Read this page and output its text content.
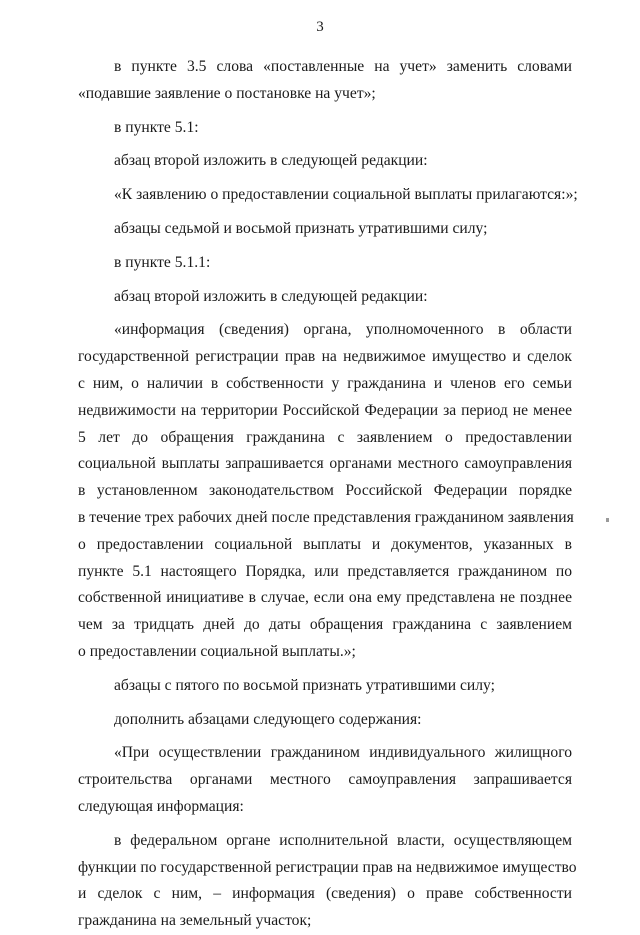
3
в пункте 3.5 слова «поставленные на учет» заменить словами
«подавшие заявление о постановке на учет»;
в пункте 5.1:
абзац второй изложить в следующей редакции:
«К заявлению о предоставлении социальной выплаты прилагаются:»;
абзацы седьмой и восьмой признать утратившими силу;
в пункте 5.1.1:
абзац второй изложить в следующей редакции:
«информация (сведения) органа, уполномоченного в области
государственной регистрации прав на недвижимое имущество и сделок
с ним, о наличии в собственности у гражданина и членов его семьи
недвижимости на территории Российской Федерации за период не менее
5 лет до обращения гражданина с заявлением о предоставлении
социальной выплаты запрашивается органами местного самоуправления
в установленном законодательством Российской Федерации порядке
в течение трех рабочих дней после представления гражданином заявления
о предоставлении социальной выплаты и документов, указанных в
пункте 5.1 настоящего Порядка, или представляется гражданином по
собственной инициативе в случае, если она ему представлена не позднее
чем за тридцать дней до даты обращения гражданина с заявлением
о предоставлении социальной выплаты.»;
абзацы с пятого по восьмой признать утратившими силу;
дополнить абзацами следующего содержания:
«При осуществлении гражданином индивидуального жилищного
строительства органами местного самоуправления запрашивается
следующая информация:
в федеральном органе исполнительной власти, осуществляющем
функции по государственной регистрации прав на недвижимое имущество
и сделок с ним, – информация (сведения) о праве собственности
гражданина на земельный участок;
